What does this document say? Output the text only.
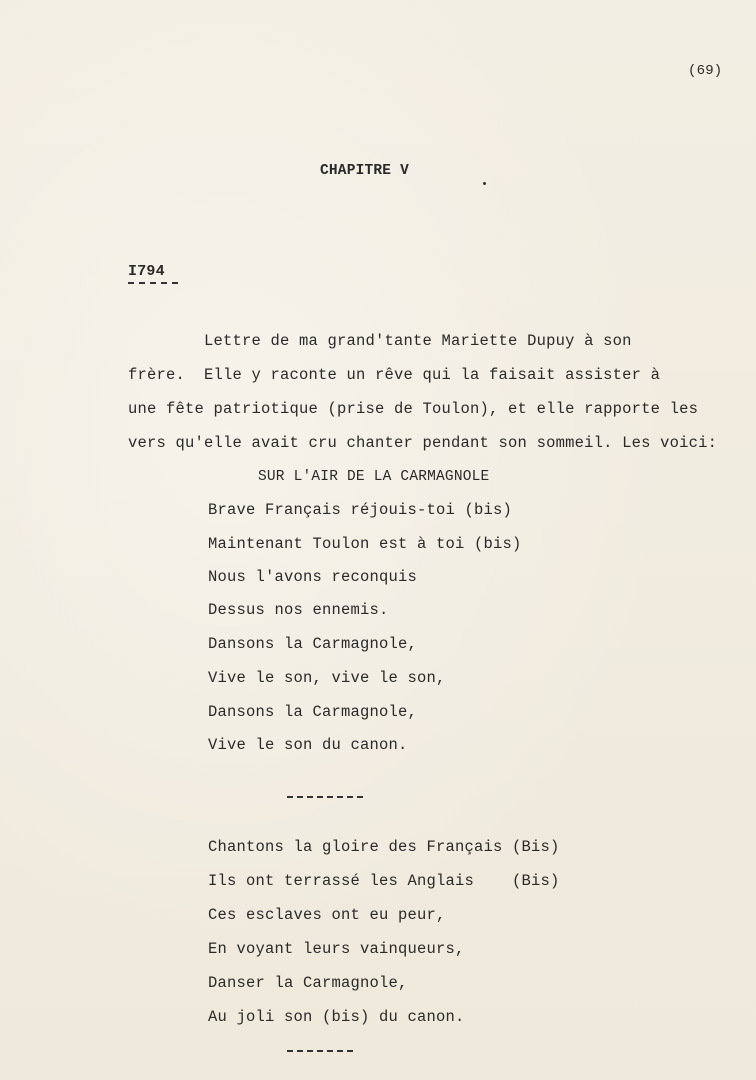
(69)
CHAPITRE V
I794
Lettre de ma grand'tante Mariette Dupuy à son
frère.  Elle y raconte un rêve qui la faisait assister à
une fête patriotique (prise de Toulon), et elle rapporte les
vers qu'elle avait cru chanter pendant son sommeil. Les voici:
SUR L'AIR DE LA CARMAGNOLE
Brave Français réjouis-toi (bis)
Maintenant Toulon est à toi (bis)
Nous l'avons reconquis
Dessus nos ennemis.
Dansons la Carmagnole,
Vive le son, vive le son,
Dansons la Carmagnole,
Vive le son du canon.
Chantons la gloire des Français (Bis)
Ils ont terrassé les Anglais    (Bis)
Ces esclaves ont eu peur,
En voyant leurs vainqueurs,
Danser la Carmagnole,
Au joli son (bis) du canon.
